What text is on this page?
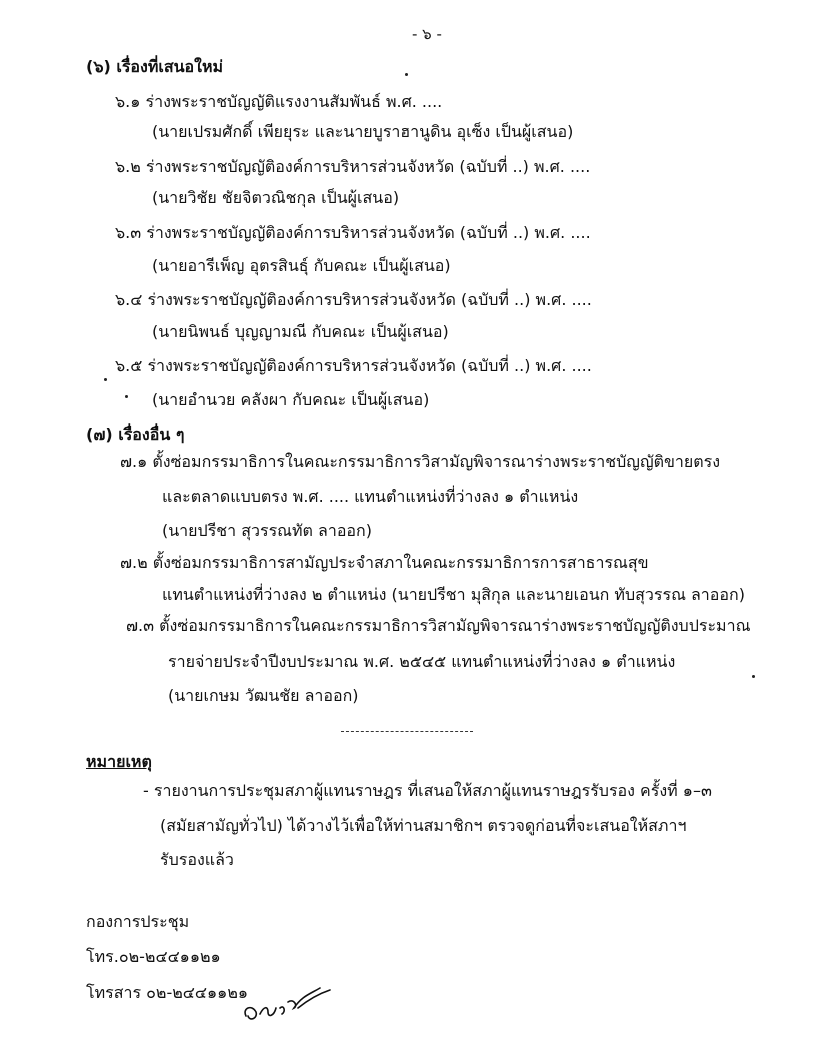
- ๖ -
(๖) เรื่องที่เสนอใหม่
๖.๑ ร่างพระราชบัญญัติแรงงานสัมพันธ์ พ.ศ. ....
(นายเปรมศักดิ์ เพียยุระ และนายบูราฮานูดิน อุเซ็ง เป็นผู้เสนอ)
๖.๒ ร่างพระราชบัญญัติองค์การบริหารส่วนจังหวัด (ฉบับที่ ..) พ.ศ. ....
(นายวิชัย ชัยจิตวณิชกุล เป็นผู้เสนอ)
๖.๓ ร่างพระราชบัญญัติองค์การบริหารส่วนจังหวัด (ฉบับที่ ..) พ.ศ. ....
(นายอารีเพ็ญ อุตรสินธุ์ กับคณะ เป็นผู้เสนอ)
๖.๔ ร่างพระราชบัญญัติองค์การบริหารส่วนจังหวัด (ฉบับที่ ..) พ.ศ. ....
(นายนิพนธ์ บุญญามณี กับคณะ เป็นผู้เสนอ)
๖.๕ ร่างพระราชบัญญัติองค์การบริหารส่วนจังหวัด (ฉบับที่ ..) พ.ศ. ....
(นายอำนวย คลังผา กับคณะ เป็นผู้เสนอ)
(๗) เรื่องอื่น ๆ
๗.๑ ตั้งซ่อมกรรมาธิการในคณะกรรมาธิการวิสามัญพิจารณาร่างพระราชบัญญัติขายตรง
และตลาดแบบตรง พ.ศ. .... แทนตำแหน่งที่ว่างลง ๑ ตำแหน่ง
(นายปรีชา สุวรรณทัต ลาออก)
๗.๒ ตั้งซ่อมกรรมาธิการสามัญประจำสภาในคณะกรรมาธิการการสาธารณสุข
แทนตำแหน่งที่ว่างลง ๒ ตำแหน่ง (นายปรีชา มุสิกุล และนายเอนก ทับสุวรรณ ลาออก)
๗.๓ ตั้งซ่อมกรรมาธิการในคณะกรรมาธิการวิสามัญพิจารณาร่างพระราชบัญญัติงบประมาณ
รายจ่ายประจำปีงบประมาณ พ.ศ. ๒๕๔๕ แทนตำแหน่งที่ว่างลง ๑ ตำแหน่ง
(นายเกษม วัฒนชัย ลาออก)
หมายเหตุ
- รายงานการประชุมสภาผู้แทนราษฎร ที่เสนอให้สภาผู้แทนราษฎรรับรอง ครั้งที่ ๑–๓
(สมัยสามัญทั่วไป) ได้วางไว้เพื่อให้ท่านสมาชิกฯ ตรวจดูก่อนที่จะเสนอให้สภาฯ
รับรองแล้ว
กองการประชุม
โทร.๐๒-๒๔๔๑๑๒๑
โทรสาร ๐๒-๒๔๔๑๑๒๑
